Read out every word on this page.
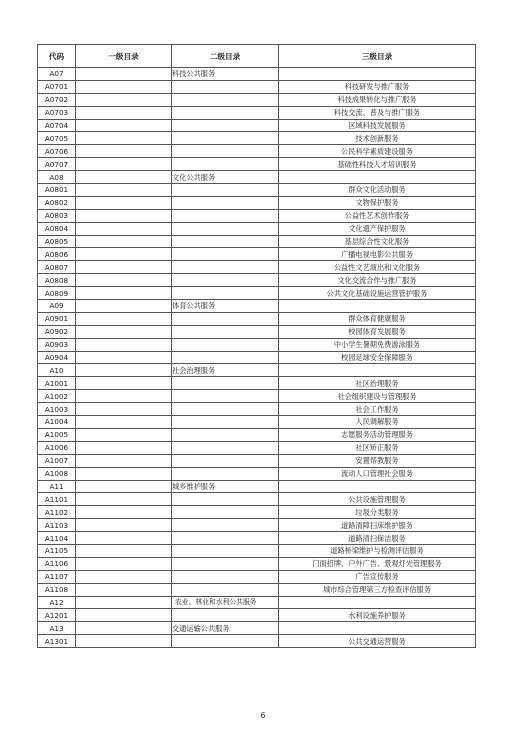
代码	一级目录	二级目录	三级目录
A07		科技公共服务	
A0701			科技研发与推广服务
A0702			科技成果转化与推广服务
A0703			科技交流、普及与推广服务
A0704			区域科技发展服务
A0705			技术创新服务
A0706			公民科学素质建设服务
A0707			基础性科技人才培训服务
A08		文化公共服务	
A0801			群众文化活动服务
A0802			文物保护服务
A0803			公益性艺术创作服务
A0804			文化遗产保护服务
A0805			基层综合性文化服务
A0806			广播电视电影公共服务
A0807			公益性文艺演出和文化服务
A0808			文化交流合作与推广服务
A0809			公共文化基础设施运营管护服务
A09		体育公共服务	
A0901			群众体育健康服务
A0902			校园体育发展服务
A0903			中小学生暑期免费游泳服务
A0904			校园足球安全保障服务
A10		社会治理服务	
A1001			社区治理服务
A1002			社会组织建设与管理服务
A1003			社会工作服务
A1004			人民调解服务
A1005			志愿服务活动管理服务
A1006			社区矫正服务
A1007			安置帮教服务
A1008			流动人口管理社会服务
A11		城乡维护服务	
A1101			公共设施管理服务
A1102			垃圾分类服务
A1103			道路清障扫床维护服务
A1104			道路清扫保洁服务
A1105			道路桥梁维护与检测评估服务
A1106			门面招牌、户外广告、景观灯光管理服务
A1107			广告宣传服务
A1108			城市综合管理第三方检查评估服务
A12		农业、林业和水利公共服务	
A1201			水利设施养护服务
A13		交通运输公共服务	
A1301			公共交通运营服务
6
